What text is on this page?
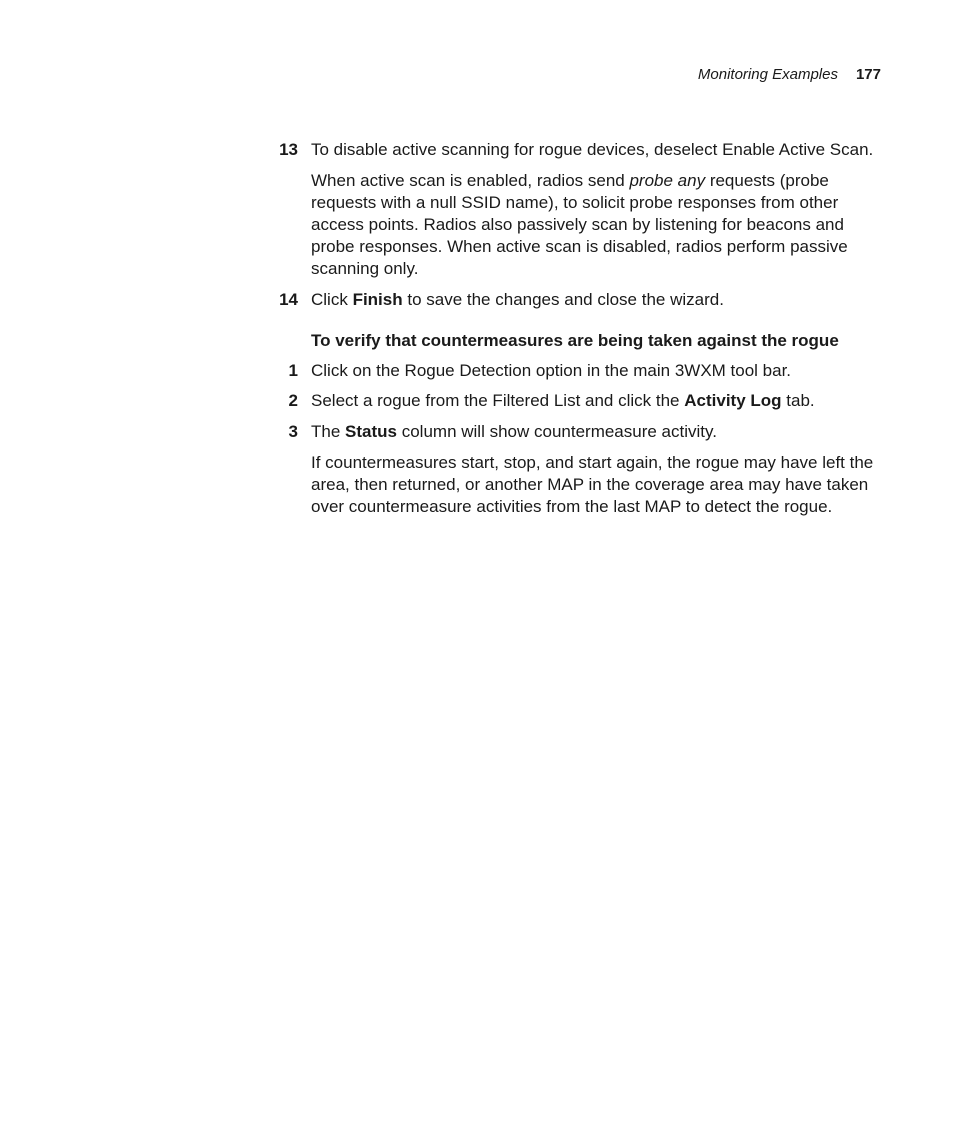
Monitoring Examples 177
13 To disable active scanning for rogue devices, deselect Enable Active Scan.
When active scan is enabled, radios send probe any requests (probe requests with a null SSID name), to solicit probe responses from other access points. Radios also passively scan by listening for beacons and probe responses. When active scan is disabled, radios perform passive scanning only.
14 Click Finish to save the changes and close the wizard.
To verify that countermeasures are being taken against the rogue
1 Click on the Rogue Detection option in the main 3WXM tool bar.
2 Select a rogue from the Filtered List and click the Activity Log tab.
3 The Status column will show countermeasure activity.
If countermeasures start, stop, and start again, the rogue may have left the area, then returned, or another MAP in the coverage area may have taken over countermeasure activities from the last MAP to detect the rogue.
